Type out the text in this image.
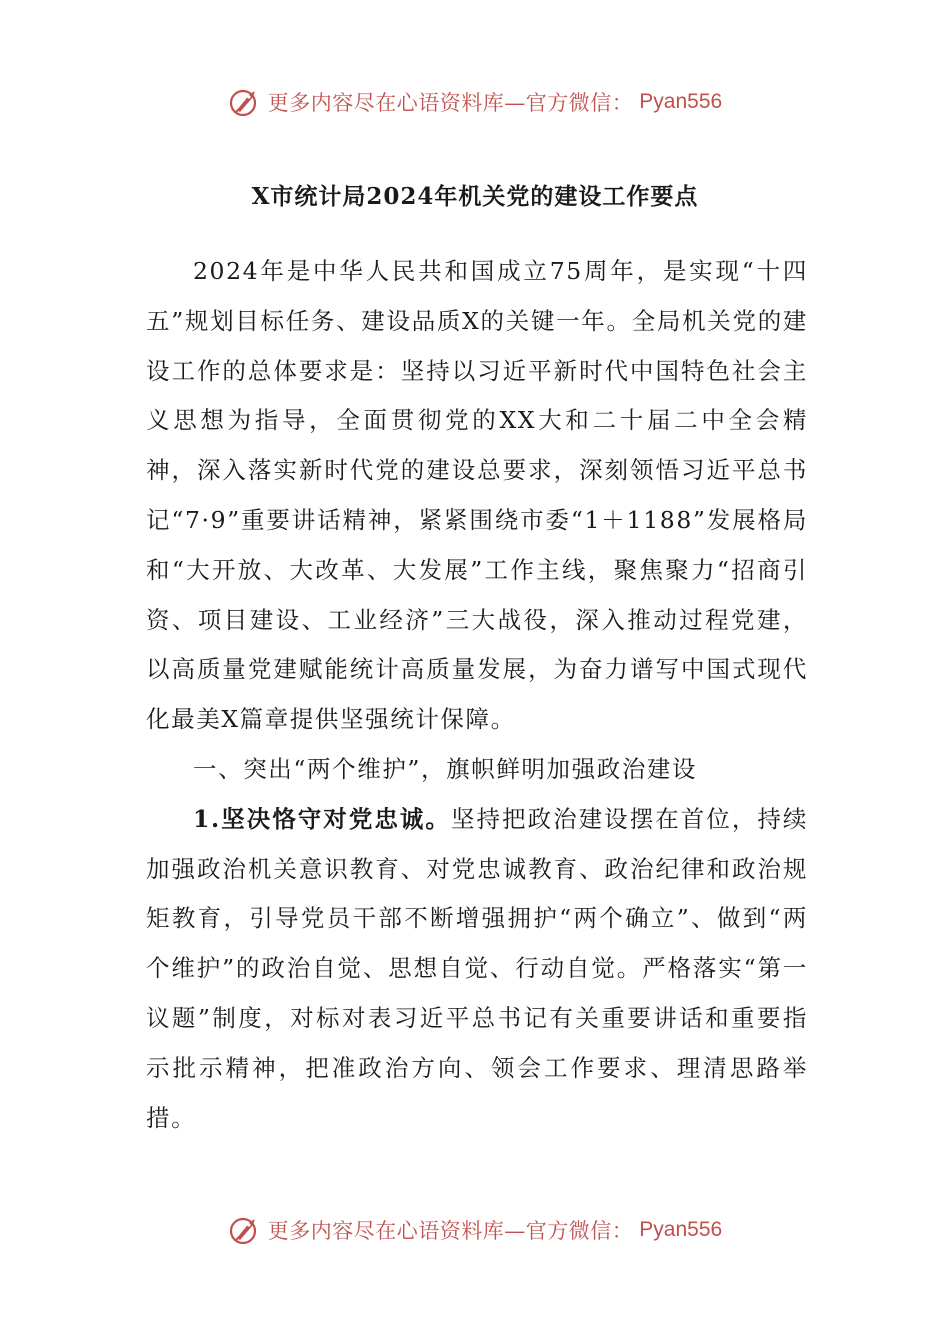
更多内容尽在心语资料库—官方微信： Pyan556
X市统计局2024年机关党的建设工作要点

2024年是中华人民共和国成立75周年，是实现“十四五”规划目标任务、建设品质X的关键一年。全局机关党的建设工作的总体要求是：坚持以习近平新时代中国特色社会主义思想为指导，全面贯彻党的XX大和二十届二中全会精神，深入落实新时代党的建设总要求，深刻领悟习近平总书记“7·9”重要讲话精神，紧紧围绕市委“1＋1188”发展格局和“大开放、大改革、大发展”工作主线，聚焦聚力“招商引资、项目建设、工业经济”三大战役，深入推动过程党建，以高质量党建赋能统计高质量发展，为奋力谱写中国式现代化最美X篇章提供坚强统计保障。

一、突出“两个维护”，旗帜鲜明加强政治建设

1.坚决恪守对党忠诚。坚持把政治建设摆在首位，持续加强政治机关意识教育、对党忠诚教育、政治纪律和政治规矩教育，引导党员干部不断增强拥护“两个确立”、做到“两个维护”的政治自觉、思想自觉、行动自觉。严格落实“第一议题”制度，对标对表习近平总书记有关重要讲话和重要指示批示精神，把准政治方向、领会工作要求、理清思路举措。

更多内容尽在心语资料库—官方微信： Pyan556
